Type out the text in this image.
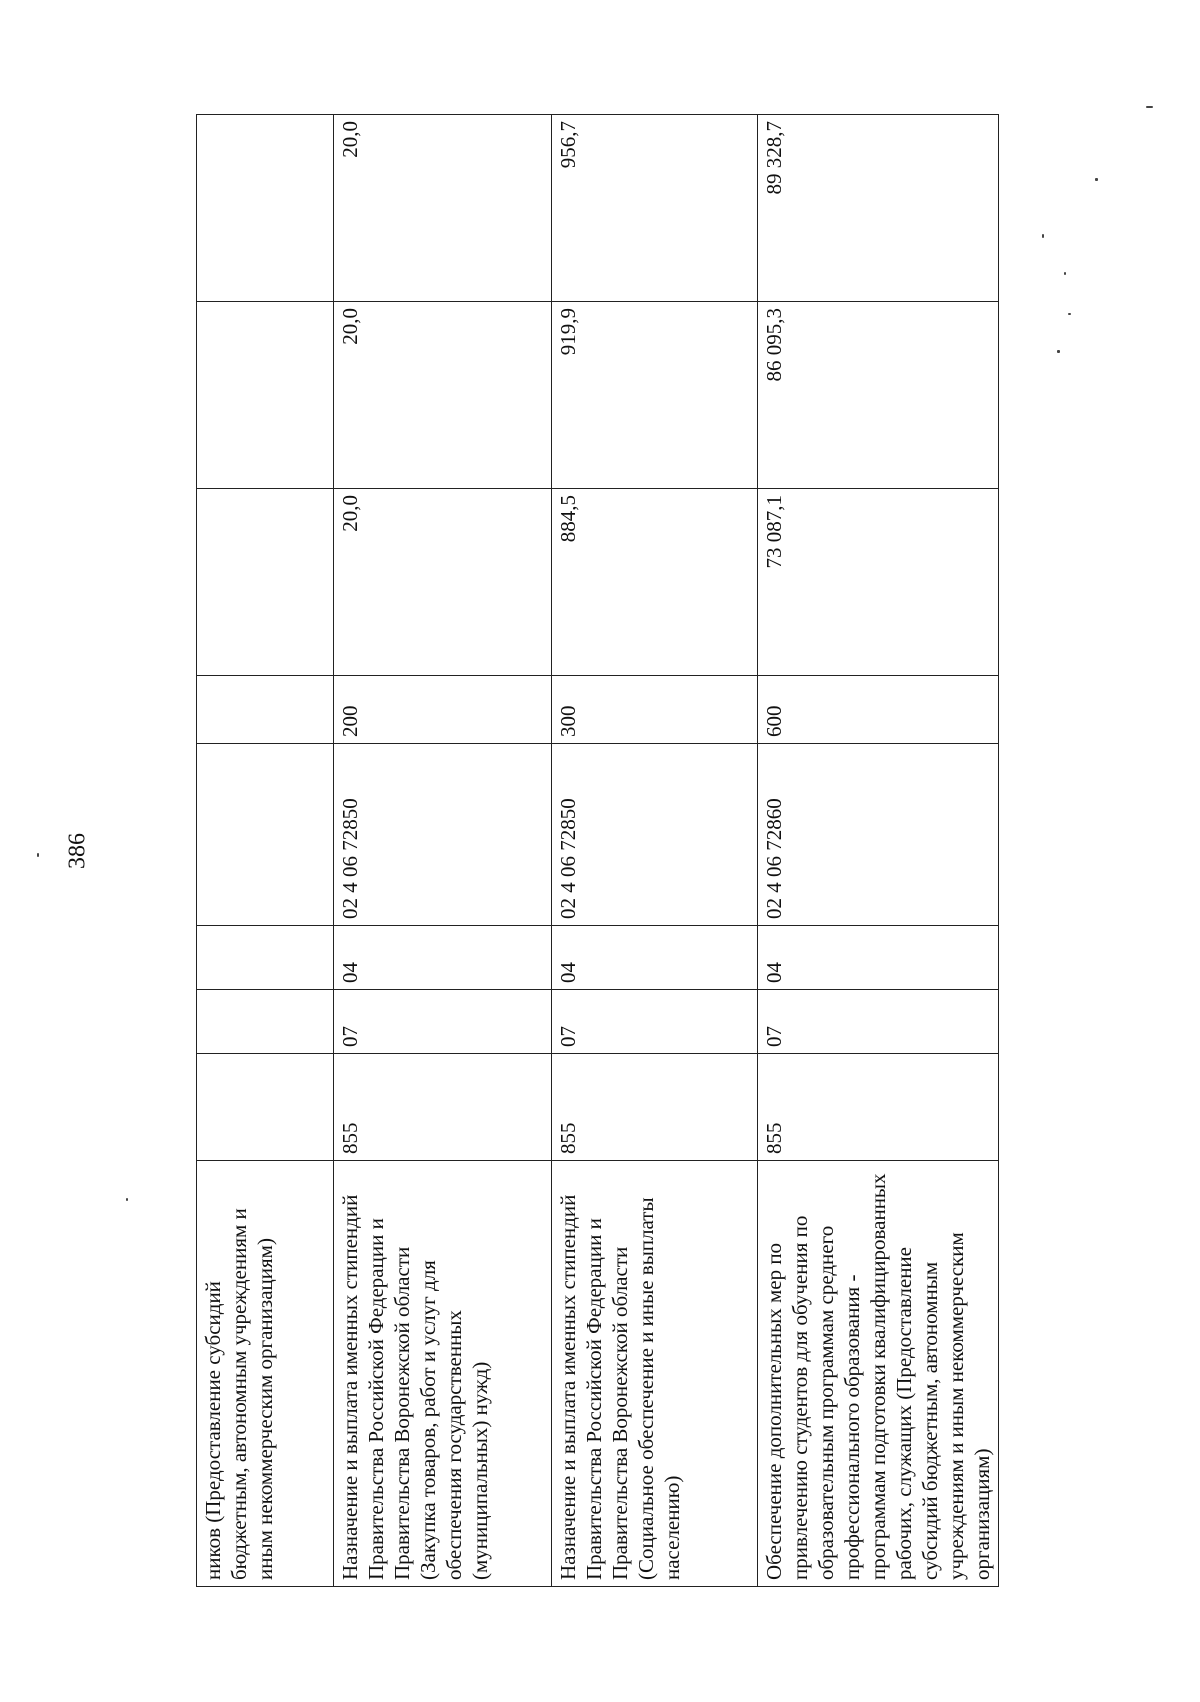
386
ников (Предоставление субсидий бюджетным, автономным учреждениям и иным некоммерческим организациям)								
Назначение и выплата именных стипендий Правительства Российской Федерации и Правительства Воронежской области (Закупка товаров, работ и услуг для обеспечения государственных (муниципальных) нужд)	855	07	04	02 4 06 72850	200	20,0	20,0	20,0
Назначение и выплата именных стипендий Правительства Российской Федерации и Правительства Воронежской области (Социальное обеспечение и иные выплаты населению)	855	07	04	02 4 06 72850	300	884,5	919,9	956,7
Обеспечение дополнительных мер по привлечению студентов для обучения по образовательным программам среднего профессионального образования - программам подготовки квалифицированных рабочих, служащих (Предоставление субсидий бюджетным, автономным учреждениям и иным некоммерческим организациям)	855	07	04	02 4 06 72860	600	73 087,1	86 095,3	89 328,7
